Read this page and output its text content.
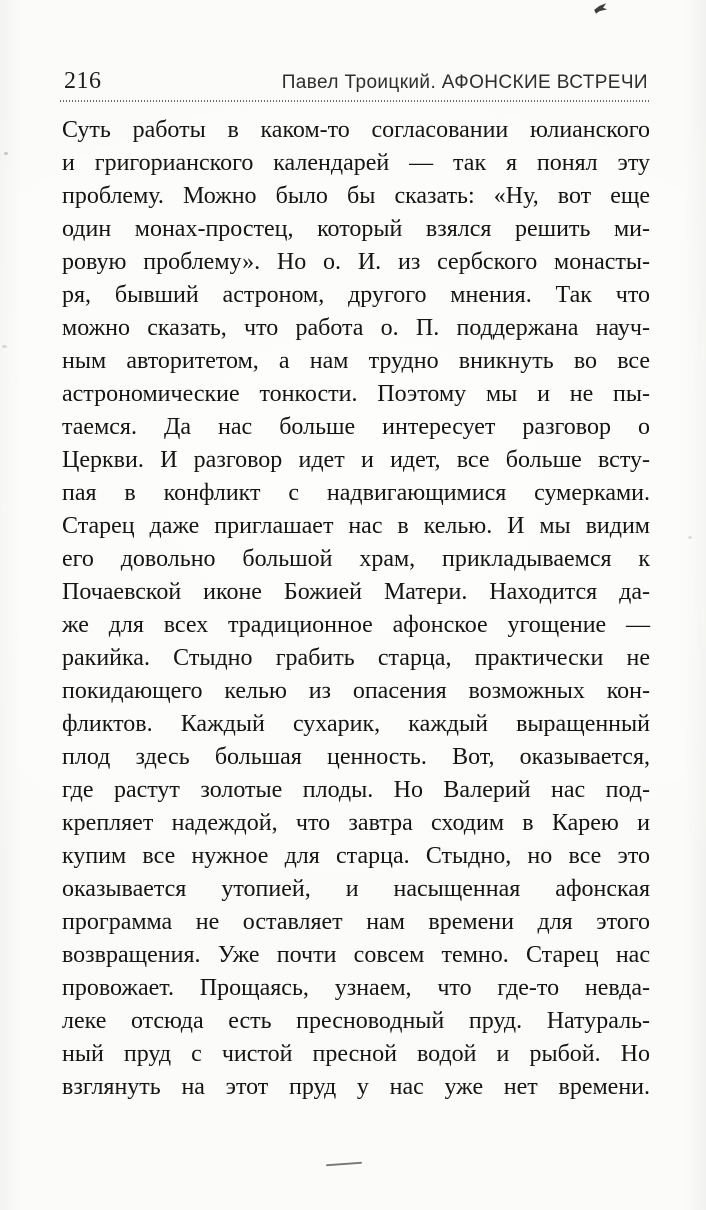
216	Павел Троицкий. АФОНСКИЕ ВСТРЕЧИ
Суть работы в каком-то согласовании юлианского
и григорианского календарей — так я понял эту
проблему. Можно было бы сказать: «Ну, вот еще
один монах-простец, который взялся решить ми-
ровую проблему». Но о. И. из сербского монасты-
ря, бывший астроном, другого мнения. Так что
можно сказать, что работа о. П. поддержана науч-
ным авторитетом, а нам трудно вникнуть во все
астрономические тонкости. Поэтому мы и не пы-
таемся. Да нас больше интересует разговор о
Церкви. И разговор идет и идет, все больше всту-
пая в конфликт с надвигающимися сумерками.
Старец даже приглашает нас в келью. И мы видим
его довольно большой храм, прикладываемся к
Почаевской иконе Божией Матери. Находится да-
же для всех традиционное афонское угощение —
ракийка. Стыдно грабить старца, практически не
покидающего келью из опасения возможных кон-
фликтов. Каждый сухарик, каждый выращенный
плод здесь большая ценность. Вот, оказывается,
где растут золотые плоды. Но Валерий нас под-
крепляет надеждой, что завтра сходим в Карею и
купим все нужное для старца. Стыдно, но все это
оказывается утопией, и насыщенная афонская
программа не оставляет нам времени для этого
возвращения. Уже почти совсем темно. Старец нас
провожает. Прощаясь, узнаем, что где-то невда-
леке отсюда есть пресноводный пруд. Натураль-
ный пруд с чистой пресной водой и рыбой. Но
взглянуть на этот пруд у нас уже нет времени.
